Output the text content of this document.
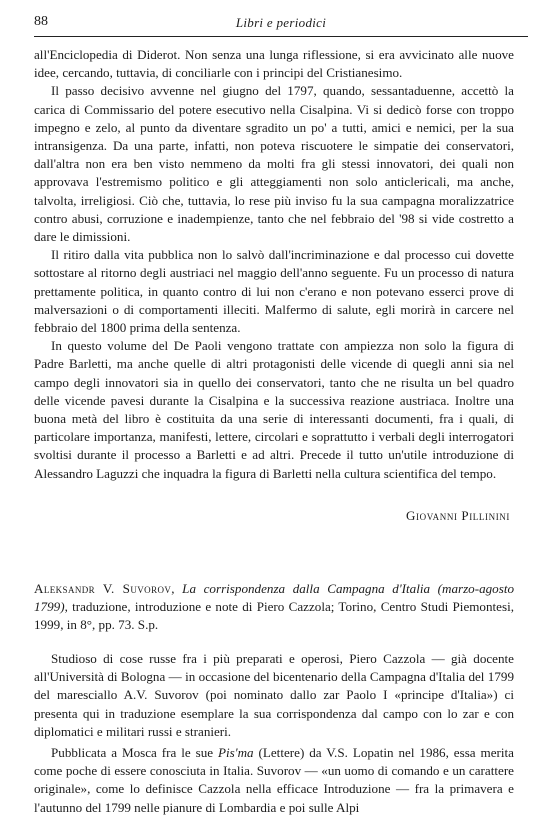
88	Libri e periodici

all'Enciclopedia di Diderot. Non senza una lunga riflessione, si era avvicinato alle nuove idee, cercando, tuttavia, di conciliarle con i principi del Cristianesimo.

Il passo decisivo avvenne nel giugno del 1797, quando, sessantaduenne, accettò la carica di Commissario del potere esecutivo nella Cisalpina. Vi si dedicò forse con troppo impegno e zelo, al punto da diventare sgradito un po' a tutti, amici e nemici, per la sua intransigenza. Da una parte, infatti, non poteva riscuotere le simpatie dei conservatori, dall'altra non era ben visto nemmeno da molti fra gli stessi innovatori, dei quali non approvava l'estremismo politico e gli atteggiamenti non solo anticlericali, ma anche, talvolta, irreligiosi. Ciò che, tuttavia, lo rese più inviso fu la sua campagna moralizzatrice contro abusi, corruzione e inadempienze, tanto che nel febbraio del '98 si vide costretto a dare le dimissioni.

Il ritiro dalla vita pubblica non lo salvò dall'incriminazione e dal processo cui dovette sottostare al ritorno degli austriaci nel maggio dell'anno seguente. Fu un processo di natura prettamente politica, in quanto contro di lui non c'erano e non potevano esserci prove di malversazioni o di comportamenti illeciti. Malfermo di salute, egli morirà in carcere nel febbraio del 1800 prima della sentenza.

In questo volume del De Paoli vengono trattate con ampiezza non solo la figura di Padre Barletti, ma anche quelle di altri protagonisti delle vicende di quegli anni sia nel campo degli innovatori sia in quello dei conservatori, tanto che ne risulta un bel quadro delle vicende pavesi durante la Cisalpina e la successiva reazione austriaca. Inoltre una buona metà del libro è costituita da una serie di interessanti documenti, fra i quali, di particolare importanza, manifesti, lettere, circolari e soprattutto i verbali degli interrogatori svoltisi durante il processo a Barletti e ad altri. Precede il tutto un'utile introduzione di Alessandro Laguzzi che inquadra la figura di Barletti nella cultura scientifica del tempo.

Giovanni Pillinini
Aleksandr V. Suvorov, La corrispondenza dalla Campagna d'Italia (marzo-agosto 1799), traduzione, introduzione e note di Piero Cazzola; Torino, Centro Studi Piemontesi, 1999, in 8°, pp. 73. S.p.

Studioso di cose russe fra i più preparati e operosi, Piero Cazzola — già docente all'Università di Bologna — in occasione del bicentenario della Campagna d'Italia del 1799 del maresciallo A.V. Suvorov (poi nominato dallo zar Paolo I «principe d'Italia») ci presenta qui in traduzione esemplare la sua corrispondenza dal campo con lo zar e con diplomatici e militari russi e stranieri.

Pubblicata a Mosca fra le sue Pis'ma (Lettere) da V.S. Lopatin nel 1986, essa merita come poche di essere conosciuta in Italia. Suvorov — «un uomo di comando e un carattere originale», come lo definisce Cazzola nella efficace Introduzione — fra la primavera e l'autunno del 1799 nelle pianure di Lombardia e poi sulle Alpi
